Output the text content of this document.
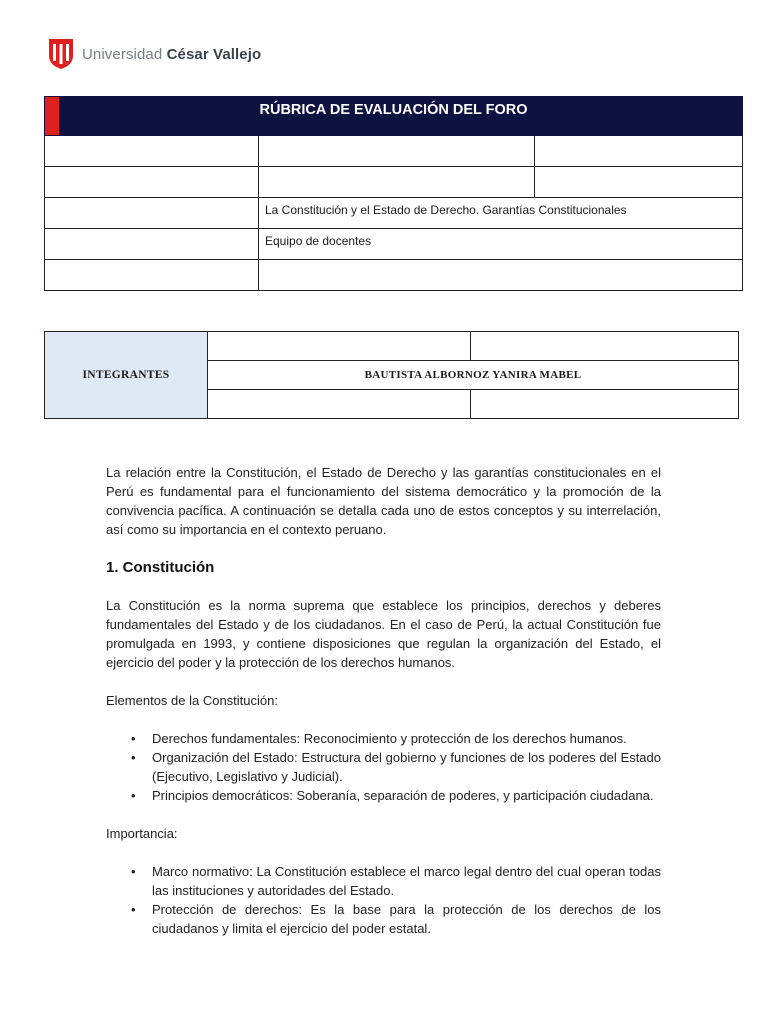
Universidad César Vallejo
RÚBRICA DE EVALUACIÓN DEL FORO		

	La Constitución y el Estado de Derecho. Garantías Constitucionales	

	Equipo de docentes	

INTEGRANTES		
	BAUTISTA ALBORNOZ YANIRA MABEL	

La relación entre la Constitución, el Estado de Derecho y las garantías constitucionales en el Perú es fundamental para el funcionamiento del sistema democrático y la promoción de la convivencia pacífica. A continuación se detalla cada uno de estos conceptos y su interrelación, así como su importancia en el contexto peruano.

1. Constitución

La Constitución es la norma suprema que establece los principios, derechos y deberes fundamentales del Estado y de los ciudadanos. En el caso de Perú, la actual Constitución fue promulgada en 1993, y contiene disposiciones que regulan la organización del Estado, el ejercicio del poder y la protección de los derechos humanos.

Elementos de la Constitución:

• Derechos fundamentales: Reconocimiento y protección de los derechos humanos.
• Organización del Estado: Estructura del gobierno y funciones de los poderes del Estado (Ejecutivo, Legislativo y Judicial).
• Principios democráticos: Soberanía, separación de poderes, y participación ciudadana.

Importancia:

• Marco normativo: La Constitución establece el marco legal dentro del cual operan todas las instituciones y autoridades del Estado.
• Protección de derechos: Es la base para la protección de los derechos de los ciudadanos y limita el ejercicio del poder estatal.
